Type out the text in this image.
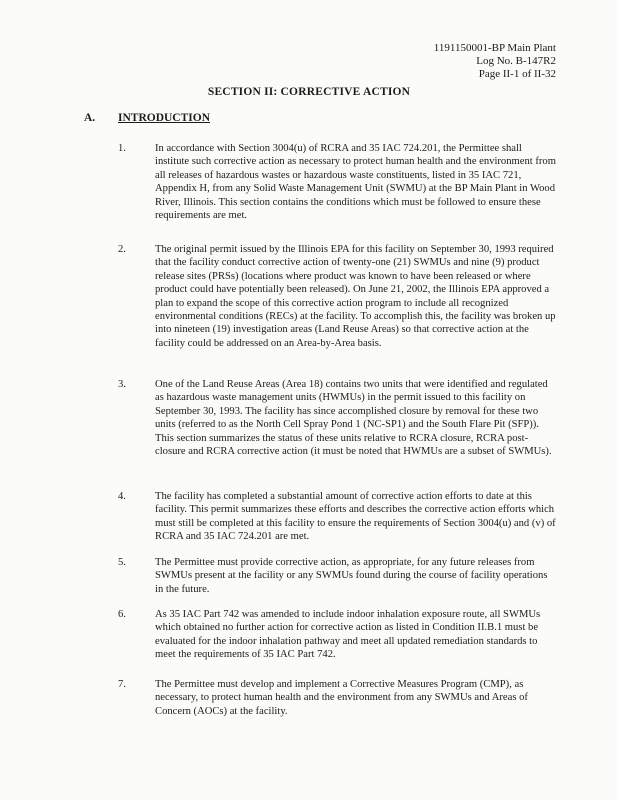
1191150001-BP Main Plant
Log No. B-147R2
Page II-1 of II-32
SECTION II: CORRECTIVE ACTION
A. INTRODUCTION
1.	In accordance with Section 3004(u) of RCRA and 35 IAC 724.201, the Permittee shall institute such corrective action as necessary to protect human health and the environment from all releases of hazardous wastes or hazardous waste constituents, listed in 35 IAC 721, Appendix H, from any Solid Waste Management Unit (SWMU) at the BP Main Plant in Wood River, Illinois. This section contains the conditions which must be followed to ensure these requirements are met.
2.	The original permit issued by the Illinois EPA for this facility on September 30, 1993 required that the facility conduct corrective action of twenty-one (21) SWMUs and nine (9) product release sites (PRSs) (locations where product was known to have been released or where product could have potentially been released). On June 21, 2002, the Illinois EPA approved a plan to expand the scope of this corrective action program to include all recognized environmental conditions (RECs) at the facility. To accomplish this, the facility was broken up into nineteen (19) investigation areas (Land Reuse Areas) so that corrective action at the facility could be addressed on an Area-by-Area basis.
3.	One of the Land Reuse Areas (Area 18) contains two units that were identified and regulated as hazardous waste management units (HWMUs) in the permit issued to this facility on September 30, 1993. The facility has since accomplished closure by removal for these two units (referred to as the North Cell Spray Pond 1 (NC-SP1) and the South Flare Pit (SFP)). This section summarizes the status of these units relative to RCRA closure, RCRA post-closure and RCRA corrective action (it must be noted that HWMUs are a subset of SWMUs).
4.	The facility has completed a substantial amount of corrective action efforts to date at this facility. This permit summarizes these efforts and describes the corrective action efforts which must still be completed at this facility to ensure the requirements of Section 3004(u) and (v) of RCRA and 35 IAC 724.201 are met.
5.	The Permittee must provide corrective action, as appropriate, for any future releases from SWMUs present at the facility or any SWMUs found during the course of facility operations in the future.
6.	As 35 IAC Part 742 was amended to include indoor inhalation exposure route, all SWMUs which obtained no further action for corrective action as listed in Condition II.B.1 must be evaluated for the indoor inhalation pathway and meet all updated remediation standards to meet the requirements of 35 IAC Part 742.
7.	The Permittee must develop and implement a Corrective Measures Program (CMP), as necessary, to protect human health and the environment from any SWMUs and Areas of Concern (AOCs) at the facility.
